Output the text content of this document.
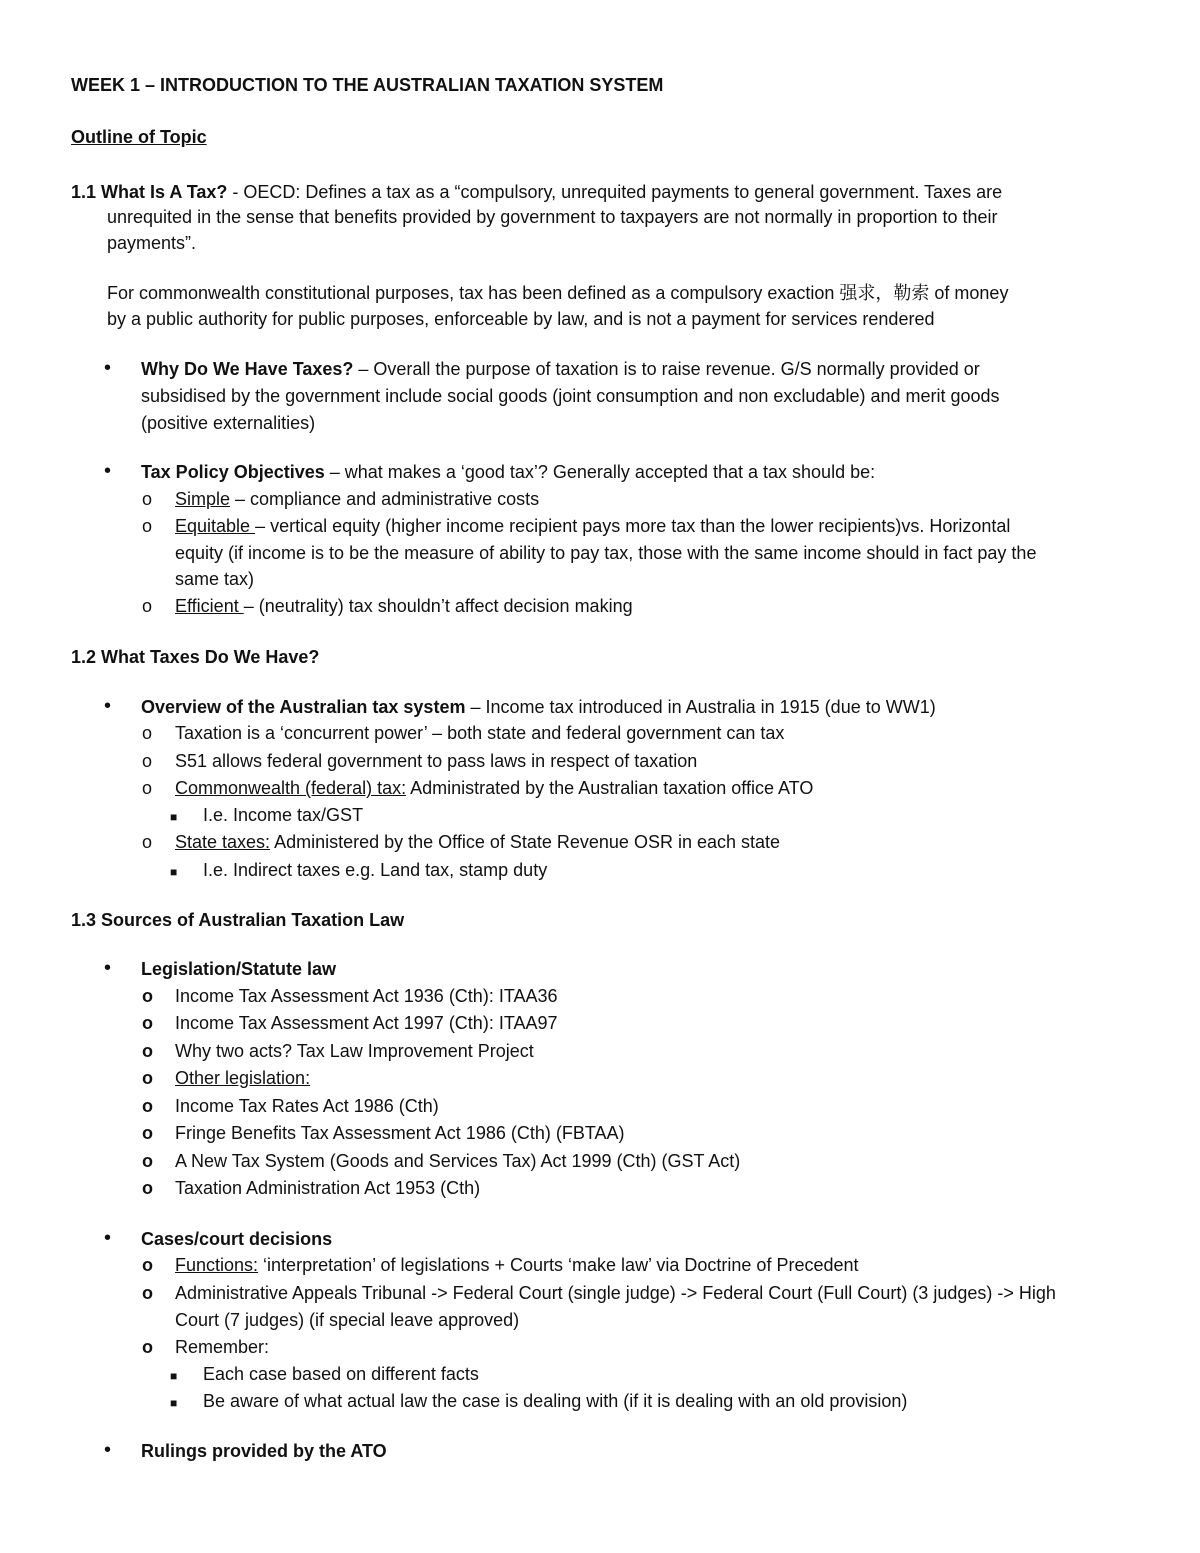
WEEK 1 – INTRODUCTION TO THE AUSTRALIAN TAXATION SYSTEM
Outline of Topic
1.1 What Is A Tax? - OECD: Defines a tax as a “compulsory, unrequited payments to general government. Taxes are
unrequited in the sense that benefits provided by government to taxpayers are not normally in proportion to their
payments”.
For commonwealth constitutional purposes, tax has been defined as a compulsory exaction 强求，勒索 of money
by a public authority for public purposes, enforceable by law, and is not a payment for services rendered
• Why Do We Have Taxes? – Overall the purpose of taxation is to raise revenue. G/S normally provided or
subsidised by the government include social goods (joint consumption and non excludable) and merit goods
(positive externalities)
• Tax Policy Objectives – what makes a ‘good tax’? Generally accepted that a tax should be:
o Simple – compliance and administrative costs
o Equitable – vertical equity (higher income recipient pays more tax than the lower recipients)vs. Horizontal
equity (if income is to be the measure of ability to pay tax, those with the same income should in fact pay the
same tax)
o Efficient – (neutrality) tax shouldn’t affect decision making
1.2 What Taxes Do We Have?
• Overview of the Australian tax system – Income tax introduced in Australia in 1915 (due to WW1)
o Taxation is a ‘concurrent power’ – both state and federal government can tax
o S51 allows federal government to pass laws in respect of taxation
o Commonwealth (federal) tax: Administrated by the Australian taxation office ATO
■ I.e. Income tax/GST
o State taxes: Administered by the Office of State Revenue OSR in each state
■ I.e. Indirect taxes e.g. Land tax, stamp duty
1.3 Sources of Australian Taxation Law
• Legislation/Statute law
o Income Tax Assessment Act 1936 (Cth): ITAA36
o Income Tax Assessment Act 1997 (Cth): ITAA97
o Why two acts? Tax Law Improvement Project
o Other legislation:
o Income Tax Rates Act 1986 (Cth)
o Fringe Benefits Tax Assessment Act 1986 (Cth) (FBTAA)
o A New Tax System (Goods and Services Tax) Act 1999 (Cth) (GST Act)
o Taxation Administration Act 1953 (Cth)
• Cases/court decisions
o Functions: ‘interpretation’ of legislations + Courts ‘make law’ via Doctrine of Precedent
o Administrative Appeals Tribunal -> Federal Court (single judge) -> Federal Court (Full Court) (3 judges) -> High
Court (7 judges) (if special leave approved)
o Remember:
■ Each case based on different facts
■ Be aware of what actual law the case is dealing with (if it is dealing with an old provision)
• Rulings provided by the ATO
